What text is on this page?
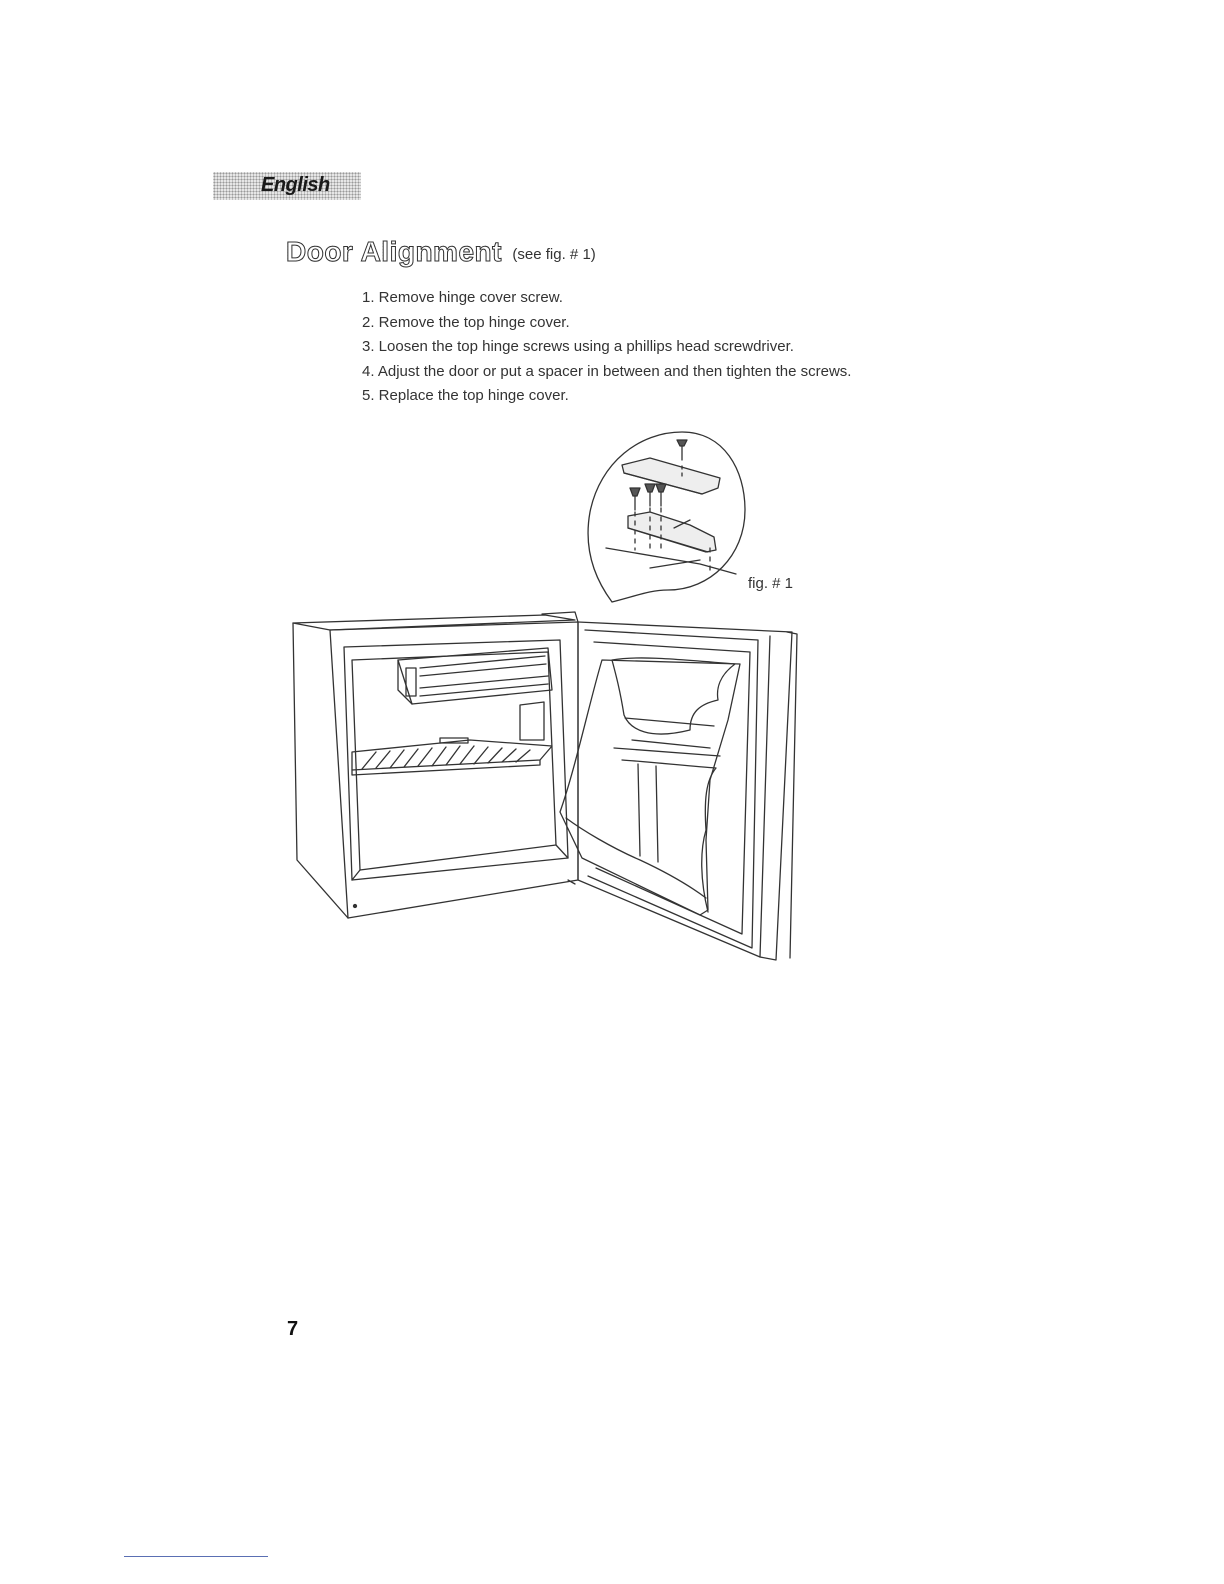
English
Door Alignment (see fig. # 1)
1. Remove hinge cover screw.
2. Remove the top hinge cover.
3. Loosen the top hinge screws using a phillips head screwdriver.
4. Adjust the door or put a spacer in between and then tighten the screws.
5. Replace the top hinge cover.
fig. # 1
7
